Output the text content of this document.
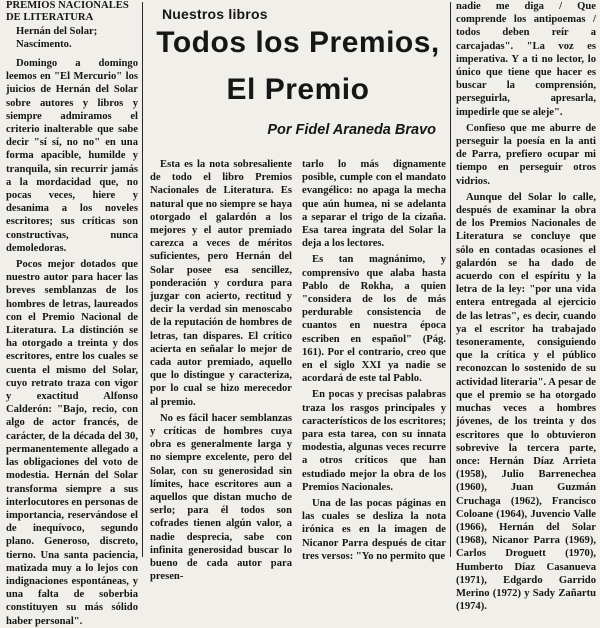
PREMIOS NACIONALES DE LITERATURA
Hernán del Solar; Nascimento.

Domingo a domingo leemos en "El Mercurio" los juicios de Hernán del Solar sobre autores y libros y siempre admiramos el criterio inalterable que sabe decir "sí sí, no no" en una forma apacible, humilde y tranquila, sin recurrir jamás a la mordacidad que, no pocas veces, hiere y desanima a los noveles escritores; sus críticas son constructivas, nunca demoledoras.

Pocos mejor dotados que nuestro autor para hacer las breves semblanzas de los hombres de letras, laureados con el Premio Nacional de Literatura. La distinción se ha otorgado a treinta y dos escritores, entre los cuales se cuenta el mismo del Solar, cuyo retrato traza con vigor y exactitud Alfonso Calderón: "Bajo, recio, con algo de actor francés, de carácter, de la década del 30, permanentemente allegado a las obligaciones del voto de modestia. Hernán del Solar transforma siempre a sus interlocutores en personas de importancia, reservándose el de inequívoco, segundo plano. Generoso, discreto, tierno. Una santa paciencia, matizada muy a lo lejos con indignaciones espontáneas, y una falta de soberbia constituyen su más sólido haber personal".

Nuestros libros
Todos los Premios,
El Premio
Por Fidel Araneda Bravo

Esta es la nota sobresaliente de todo el libro Premios Nacionales de Literatura. Es natural que no siempre se haya otorgado el galardón a los mejores y el autor premiado carezca a veces de méritos suficientes, pero Hernán del Solar posee esa sencillez, ponderación y cordura para juzgar con acierto, rectitud y decir la verdad sin menoscabo de la reputación de hombres de letras, tan dispares. El crítico acierta en señalar lo mejor de cada autor premiado, aquello que lo distingue y caracteriza, por lo cual se hizo merecedor al premio.

No es fácil hacer semblanzas y críticas de hombres cuya obra es generalmente larga y no siempre excelente, pero del Solar, con su generosidad sin límites, hace escritores aun a aquellos que distan mucho de serlo; para él todos son cofrades tienen algún valor, a nadie desprecia, sabe con infinita generosidad buscar lo bueno de cada autor para presen-

tarlo lo más dignamente posible, cumple con el mandato evangélico: no apaga la mecha que aún humea, ni se adelanta a separar el trigo de la cizaña. Esa tarea ingrata del Solar la deja a los lectores.

Es tan magnánimo, y comprensivo que alaba hasta Pablo de Rokha, a quien "considera de los de más perdurable consistencia de cuantos en nuestra época escriben en español" (Pág. 161). Por el contrario, creo que en el siglo XXI ya nadie se acordará de este tal Pablo.

En pocas y precisas palabras traza los rasgos principales y característicos de los escritores; para esta tarea, con su innata modestia, algunas veces recurre a otros críticos que han estudiado mejor la obra de los Premios Nacionales.

Una de las pocas páginas en las cuales se desliza la nota irónica es en la imagen de Nicanor Parra después de citar tres versos: "Yo no permito que

nadie me diga / Que comprende los antipoemas / todos deben reír a carcajadas". "La voz es imperativa. Y a ti no lector, lo único que tiene que hacer es buscar la comprensión, perseguirla, apresarla, impedirle que se aleje".

Confieso que me aburre de perseguir la poesía en la anti de Parra, prefiero ocupar mi tiempo en perseguir otros vidrios.

Aunque del Solar lo calle, después de examinar la obra de los Premios Nacionales de Literatura se concluye que sólo en contadas ocasiones el galardón se ha dado de acuerdo con el espíritu y la letra de la ley: "por una vida entera entregada al ejercicio de las letras", es decir, cuando ya el escritor ha trabajado tesoneramente, consiguiendo que la crítica y el público reconozcan lo sostenido de su actividad literaria". A pesar de que el premio se ha otorgado muchas veces a hombres jóvenes, de los treinta y dos escritores que lo obtuvieron sobrevive la tercera parte, once: Hernán Díaz Arrieta (1958), Julio Barrenechea (1960), Juan Guzmán Cruchaga (1962), Francisco Coloane (1964), Juvencio Valle (1966), Hernán del Solar (1968), Nicanor Parra (1969), Carlos Droguett (1970), Humberto Díaz Casanueva (1971), Edgardo Garrido Merino (1972) y Sady Zañartu (1974).
